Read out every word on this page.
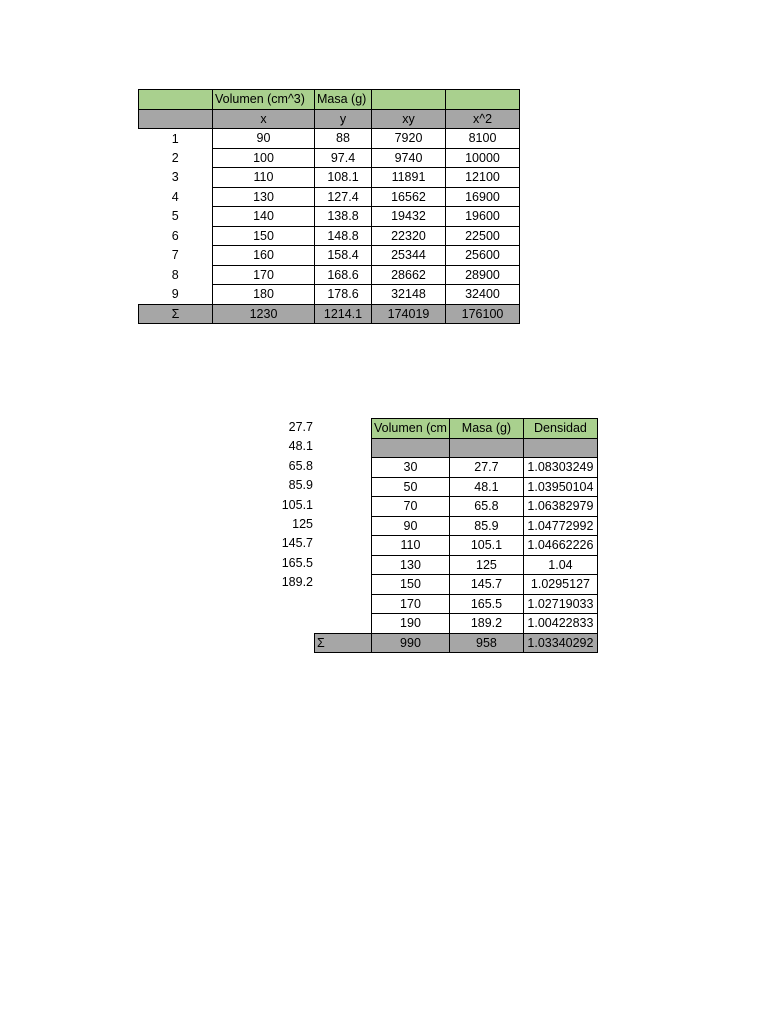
	Volumen (cm^3)	Masa (g)		
	x	y	xy	x^2
1	90	88	7920	8100
2	100	97.4	9740	10000
3	110	108.1	11891	12100
4	130	127.4	16562	16900
5	140	138.8	19432	19600
6	150	148.8	22320	22500
7	160	158.4	25344	25600
8	170	168.6	28662	28900
9	180	178.6	32148	32400
Σ	1230	1214.1	174019	176100
27.7
48.1
65.8
85.9
105.1
125
145.7
165.5
189.2
	Volumen (cm	Masa (g)	Densidad

	30	27.7	1.08303249
	50	48.1	1.03950104
	70	65.8	1.06382979
	90	85.9	1.04772992
	110	105.1	1.04662226
	130	125	1.04
	150	145.7	1.0295127
	170	165.5	1.02719033
	190	189.2	1.00422833
Σ	990	958	1.03340292
